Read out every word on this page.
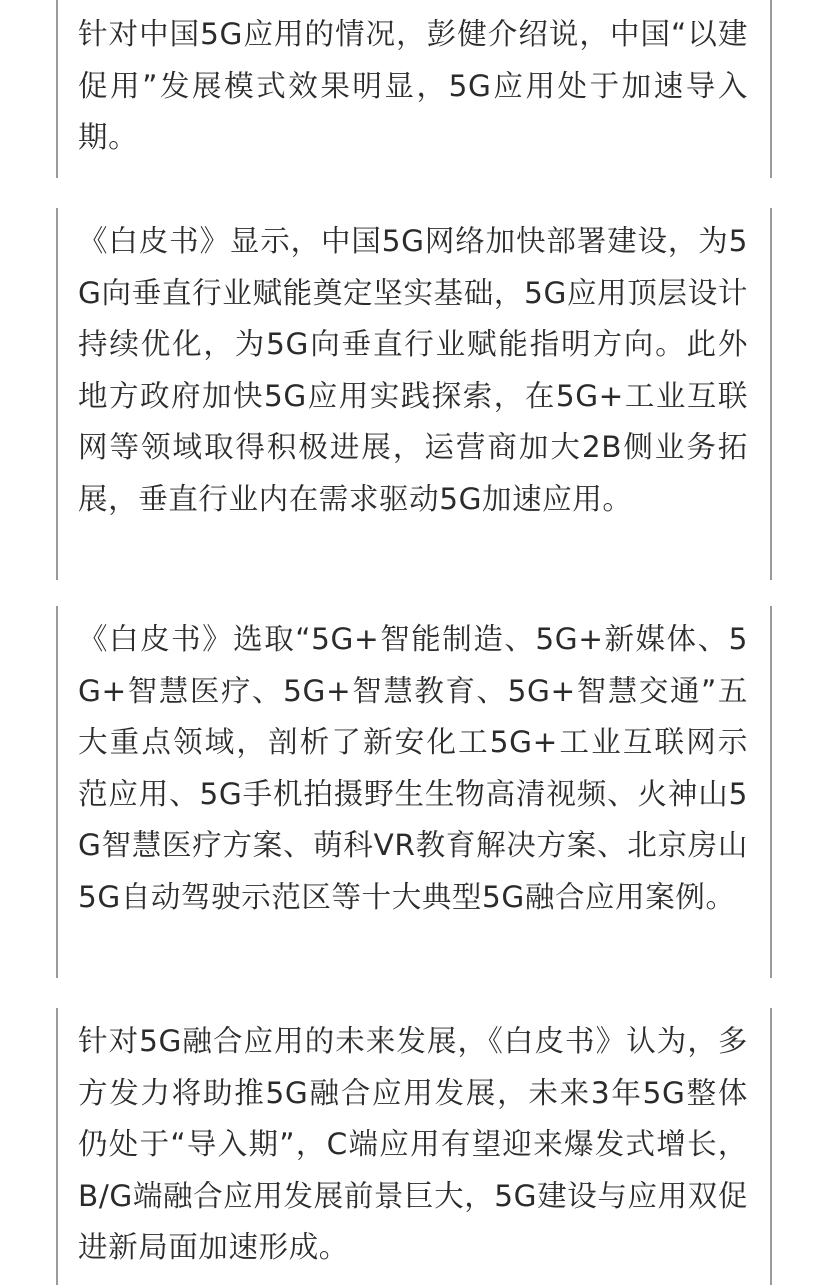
针对中国5G应用的情况，彭健介绍说，中国“以建促用”发展模式效果明显，5G应用处于加速导入期。

《白皮书》显示，中国5G网络加快部署建设，为5G向垂直行业赋能奠定坚实基础，5G应用顶层设计持续优化，为5G向垂直行业赋能指明方向。此外地方政府加快5G应用实践探索，在5G+工业互联网等领域取得积极进展，运营商加大2B侧业务拓展，垂直行业内在需求驱动5G加速应用。

《白皮书》选取“5G+智能制造、5G+新媒体、5G+智慧医疗、5G+智慧教育、5G+智慧交通”五大重点领域，剖析了新安化工5G+工业互联网示范应用、5G手机拍摄野生生物高清视频、火神山5G智慧医疗方案、萌科VR教育解决方案、北京房山5G自动驾驶示范区等十大典型5G融合应用案例。

针对5G融合应用的未来发展，《白皮书》认为，多方发力将助推5G融合应用发展，未来3年5G整体仍处于“导入期”，C端应用有望迎来爆发式增长，B/G端融合应用发展前景巨大，5G建设与应用双促进新局面加速形成。
